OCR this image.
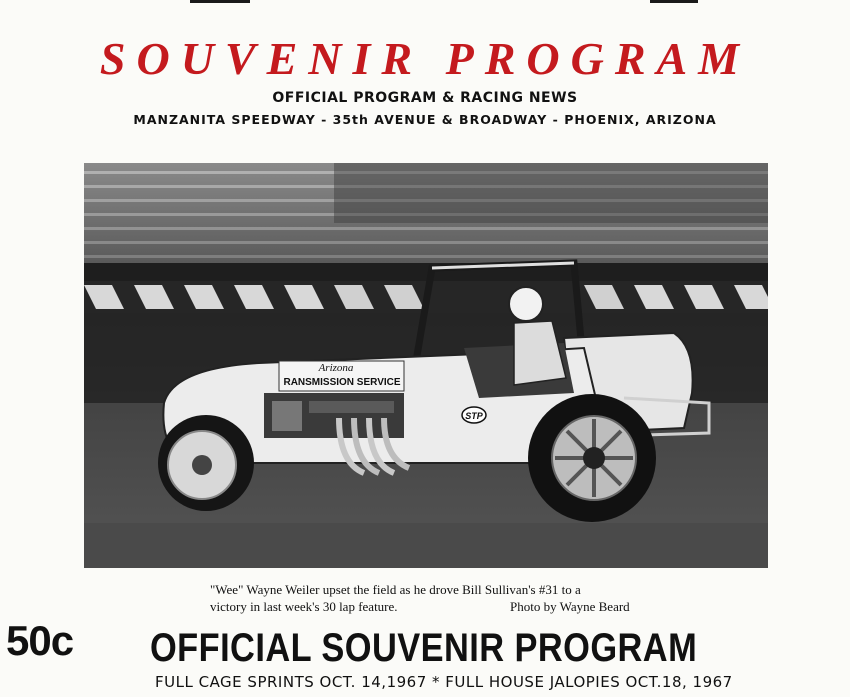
SOUVENIR PROGRAM
OFFICIAL PROGRAM & RACING NEWS
MANZANITA SPEEDWAY - 35th AVENUE & BROADWAY - PHOENIX, ARIZONA
Arizona
RANSMISSION SERVICE
STP
"Wee" Wayne Weiler upset the field as he drove Bill Sullivan's #31 to a
victory in last week's 30 lap feature.	Photo by Wayne Beard
50c OFFICIAL SOUVENIR PROGRAM
FULL CAGE SPRINTS OCT. 14,1967 * FULL HOUSE JALOPIES OCT.18, 1967
